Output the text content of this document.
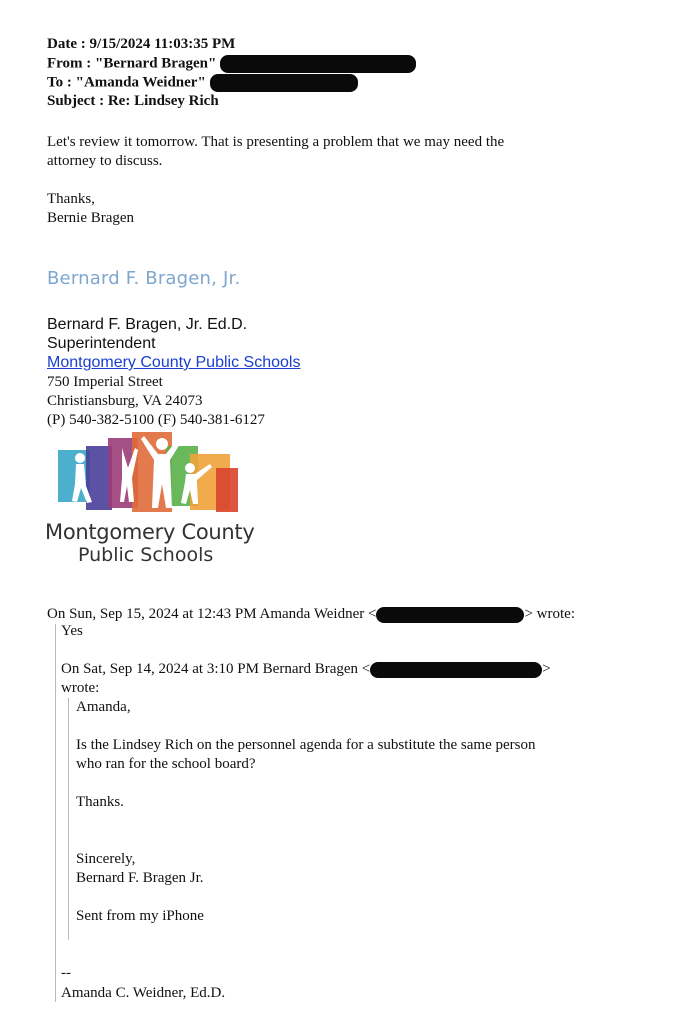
Date : 9/15/2024 11:03:35 PM
From : "Bernard Bragen"
To : "Amanda Weidner"
Subject : Re: Lindsey Rich
Let's review it tomorrow. That is presenting a problem that we may need the
attorney to discuss.
Thanks,
Bernie Bragen
Bernard F. Bragen, Jr.
Bernard F. Bragen, Jr. Ed.D.
Superintendent
Montgomery County Public Schools
750 Imperial Street
Christiansburg, VA 24073
(P) 540-382-5100 (F) 540-381-6127
Montgomery County
Public Schools
On Sun, Sep 15, 2024 at 12:43 PM Amanda Weidner <	> wrote:
Yes
On Sat, Sep 14, 2024 at 3:10 PM Bernard Bragen <	>
wrote:
Amanda,
Is the Lindsey Rich on the personnel agenda for a substitute the same person
who ran for the school board?
Thanks.
Sincerely,
Bernard F. Bragen Jr.
Sent from my iPhone
--
Amanda C. Weidner, Ed.D.
